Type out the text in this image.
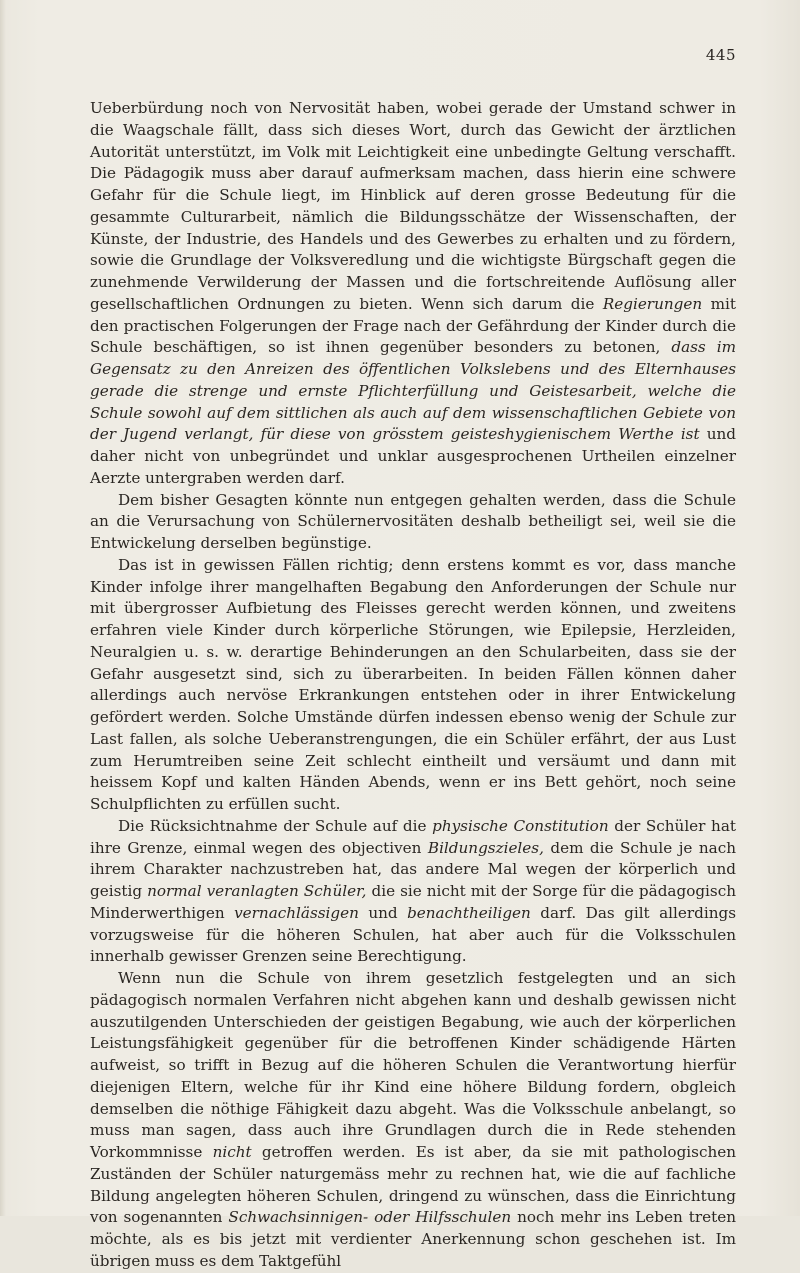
445

Ueberbürdung noch von Nervosität haben, wobei gerade der Umstand schwer in die Waagschale fällt, dass sich dieses Wort, durch das Gewicht der ärztlichen Autorität unterstützt, im Volk mit Leichtigkeit eine unbedingte Geltung verschafft. Die Pädagogik muss aber darauf aufmerksam machen, dass hierin eine schwere Gefahr für die Schule liegt, im Hinblick auf deren grosse Bedeutung für die gesammte Culturarbeit, nämlich die Bildungsschätze der Wissenschaften, der Künste, der Industrie, des Handels und des Gewerbes zu erhalten und zu fördern, sowie die Grundlage der Volksveredlung und die wichtigste Bürgschaft gegen die zunehmende Verwilderung der Massen und die fortschreitende Auflösung aller gesellschaftlichen Ordnungen zu bieten. Wenn sich darum die Regierungen mit den practischen Folgerungen der Frage nach der Gefährdung der Kinder durch die Schule beschäftigen, so ist ihnen gegenüber besonders zu betonen, dass im Gegensatz zu den Anreizen des öffentlichen Volkslebens und des Elternhauses gerade die strenge und ernste Pflichterfüllung und Geistesarbeit, welche die Schule sowohl auf dem sittlichen als auch auf dem wissenschaftlichen Gebiete von der Jugend verlangt, für diese von grösstem geisteshygienischem Werthe ist und daher nicht von unbegründet und unklar ausgesprochenen Urtheilen einzelner Aerzte untergraben werden darf.

Dem bisher Gesagten könnte nun entgegen gehalten werden, dass die Schule an die Verursachung von Schülernervositäten deshalb betheiligt sei, weil sie die Entwickelung derselben begünstige.

Das ist in gewissen Fällen richtig; denn erstens kommt es vor, dass manche Kinder infolge ihrer mangelhaften Begabung den Anforderungen der Schule nur mit übergrosser Aufbietung des Fleisses gerecht werden können, und zweitens erfahren viele Kinder durch körperliche Störungen, wie Epilepsie, Herzleiden, Neuralgien u. s. w. derartige Behinderungen an den Schularbeiten, dass sie der Gefahr ausgesetzt sind, sich zu überarbeiten. In beiden Fällen können daher allerdings auch nervöse Erkrankungen entstehen oder in ihrer Entwickelung gefördert werden. Solche Umstände dürfen indessen ebenso wenig der Schule zur Last fallen, als solche Ueberanstrengungen, die ein Schüler erfährt, der aus Lust zum Herumtreiben seine Zeit schlecht eintheilt und versäumt und dann mit heissem Kopf und kalten Händen Abends, wenn er ins Bett gehört, noch seine Schulpflichten zu erfüllen sucht.

Die Rücksichtnahme der Schule auf die physische Constitution der Schüler hat ihre Grenze, einmal wegen des objectiven Bildungszieles, dem die Schule je nach ihrem Charakter nachzustreben hat, das andere Mal wegen der körperlich und geistig normal veranlagten Schüler, die sie nicht mit der Sorge für die pädagogisch Minderwerthigen vernachlässigen und benachtheiligen darf. Das gilt allerdings vorzugsweise für die höheren Schulen, hat aber auch für die Volksschulen innerhalb gewisser Grenzen seine Berechtigung.

Wenn nun die Schule von ihrem gesetzlich festgelegten und an sich pädagogisch normalen Verfahren nicht abgehen kann und deshalb gewissen nicht auszutilgenden Unterschieden der geistigen Begabung, wie auch der körperlichen Leistungsfähigkeit gegenüber für die betroffenen Kinder schädigende Härten aufweist, so trifft in Bezug auf die höheren Schulen die Verantwortung hierfür diejenigen Eltern, welche für ihr Kind eine höhere Bildung fordern, obgleich demselben die nöthige Fähigkeit dazu abgeht. Was die Volksschule anbelangt, so muss man sagen, dass auch ihre Grundlagen durch die in Rede stehenden Vorkommnisse nicht getroffen werden. Es ist aber, da sie mit pathologischen Zuständen der Schüler naturgemäss mehr zu rechnen hat, wie die auf fachliche Bildung angelegten höheren Schulen, dringend zu wünschen, dass die Einrichtung von sogenannten Schwachsinnigen- oder Hilfsschulen noch mehr ins Leben treten möchte, als es bis jetzt mit verdienter Anerkennung schon geschehen ist. Im übrigen muss es dem Taktgefühl
